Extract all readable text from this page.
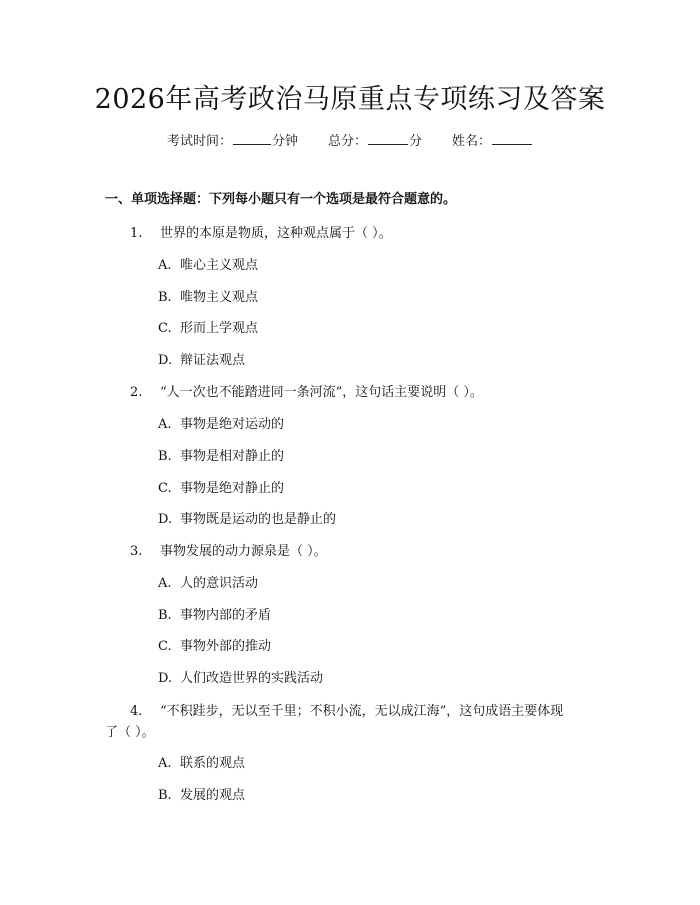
2026年高考政治马原重点专项练习及答案
考试时间：	分钟 总分：	分 姓名：
一、单项选择题：下列每小题只有一个选项是最符合题意的。
1. 世界的本原是物质，这种观点属于（ ）。
A. 唯心主义观点
B. 唯物主义观点
C. 形而上学观点
D. 辩证法观点
2. “人一次也不能踏进同一条河流”，这句话主要说明（ ）。
A. 事物是绝对运动的
B. 事物是相对静止的
C. 事物是绝对静止的
D. 事物既是运动的也是静止的
3. 事物发展的动力源泉是（ ）。
A. 人的意识活动
B. 事物内部的矛盾
C. 事物外部的推动
D. 人们改造世界的实践活动
4. “不积跬步，无以至千里；不积小流，无以成江海”，这句成语主要体现
了（ ）。
A. 联系的观点
B. 发展的观点
